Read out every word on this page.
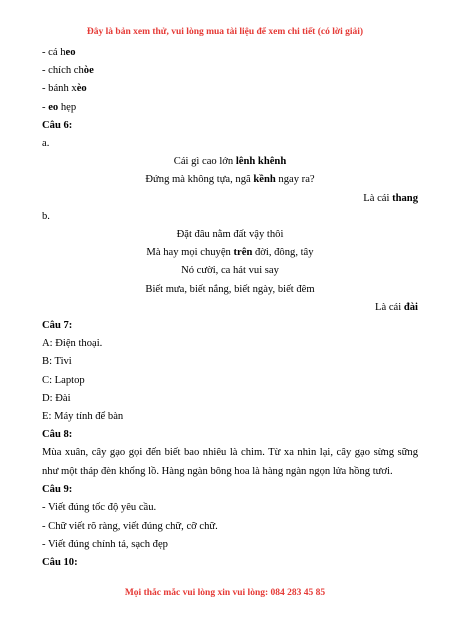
Đây là bản xem thử, vui lòng mua tài liệu để xem chi tiết (có lời giải)
- cá heo
- chích chòe
- bánh xèo
- eo hẹp
Câu 6:
a.
Cái gì cao lớn lênh khênh
Đứng mà không tựa, ngã kềnh ngay ra?
Là cái thang
b.
Đặt đâu nằm đất vậy thôi
Mà hay mọi chuyện trên đời, đông, tây
Nó cười, ca hát vui say
Biết mưa, biết nắng, biết ngày, biết đêm
Là cái đài
Câu 7:
A: Điện thoại.
B: Tivi
C: Laptop
D: Đài
E: Máy tính để bàn
Câu 8:
Mùa xuân, cây gạo gọi đến biết bao nhiêu là chim. Từ xa nhìn lại, cây gạo sừng sững như một tháp đèn khổng lồ. Hàng ngàn bông hoa là hàng ngàn ngọn lửa hồng tươi.
Câu 9:
- Viết đúng tốc độ yêu cầu.
- Chữ viết rõ ràng, viết đúng chữ, cỡ chữ.
- Viết đúng chính tả, sạch đẹp
Câu 10:
Mọi thắc mắc vui lòng xin vui lòng: 084 283 45 85
